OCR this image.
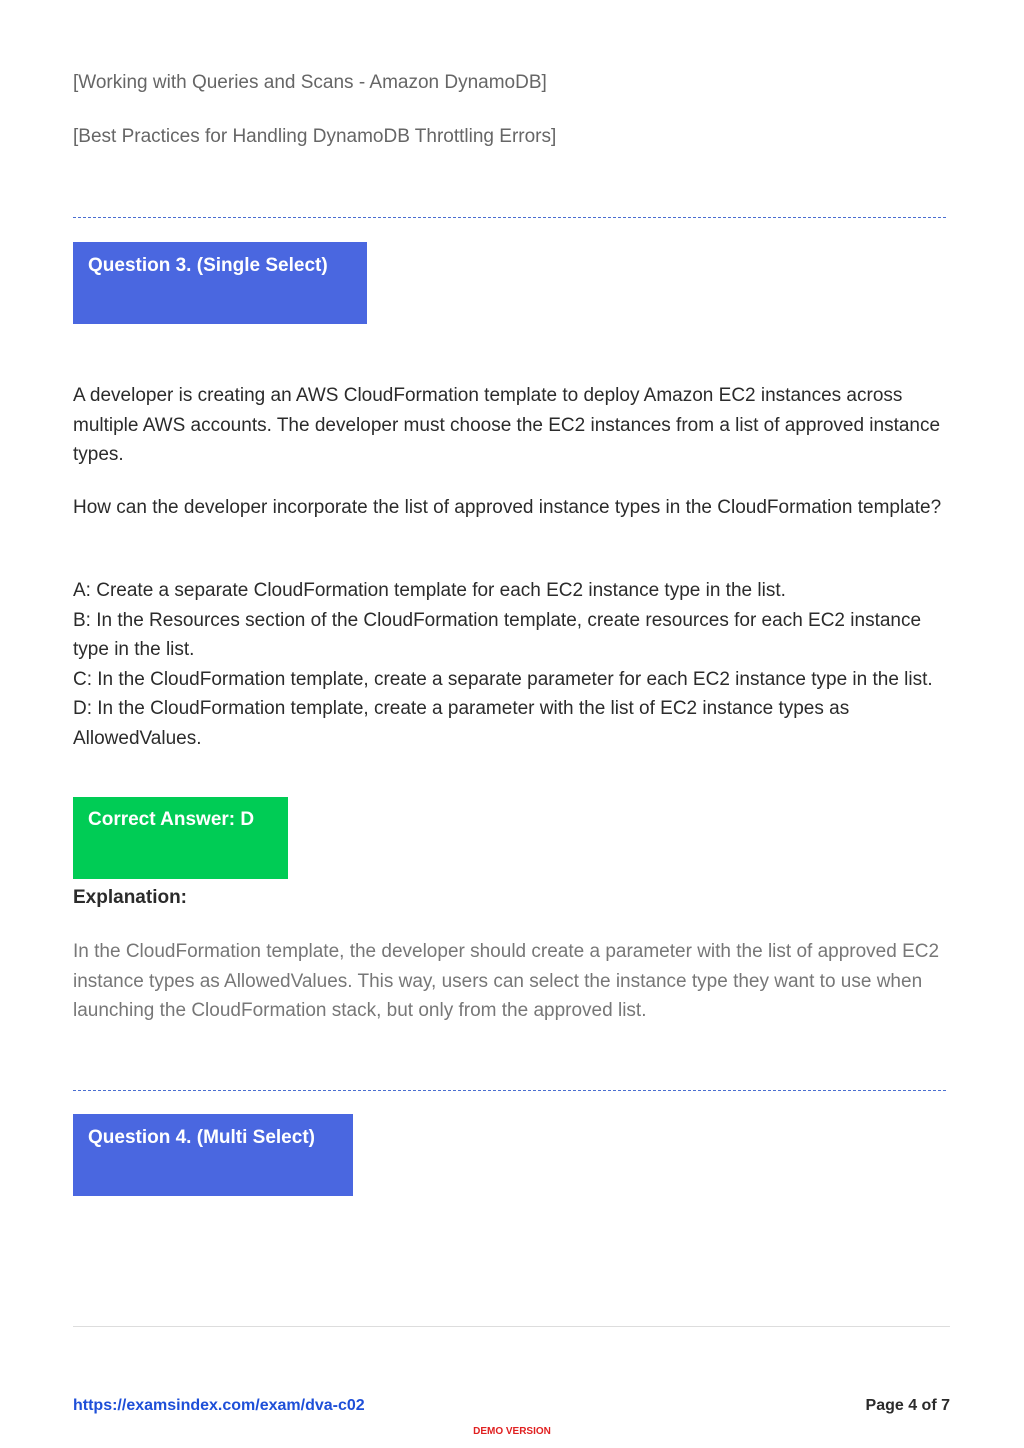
[Working with Queries and Scans - Amazon DynamoDB]

[Best Practices for Handling DynamoDB Throttling Errors]

Question 3. (Single Select)

A developer is creating an AWS CloudFormation template to deploy Amazon EC2 instances across multiple AWS accounts. The developer must choose the EC2 instances from a list of approved instance types.

How can the developer incorporate the list of approved instance types in the CloudFormation template?

A: Create a separate CloudFormation template for each EC2 instance type in the list.
B: In the Resources section of the CloudFormation template, create resources for each EC2 instance type in the list.
C: In the CloudFormation template, create a separate parameter for each EC2 instance type in the list.
D: In the CloudFormation template, create a parameter with the list of EC2 instance types as AllowedValues.
Correct Answer: D
Explanation:

In the CloudFormation template, the developer should create a parameter with the list of approved EC2 instance types as AllowedValues. This way, users can select the instance type they want to use when launching the CloudFormation stack, but only from the approved list.

Question 4. (Multi Select)
https://examsindex.com/exam/dva-c02	Page 4 of 7
DEMO VERSION
